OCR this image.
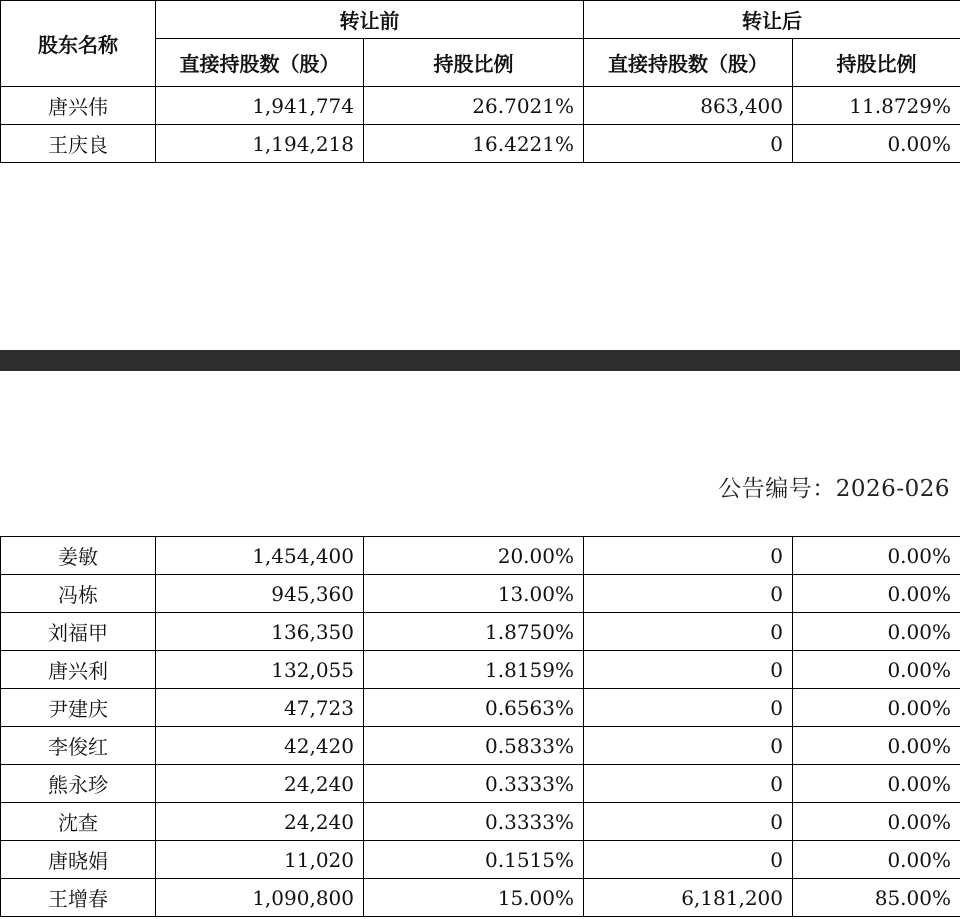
股东名称	转让前		转让后	
	直接持股数（股）	持股比例	直接持股数（股）	持股比例
唐兴伟	1,941,774	26.7021%	863,400	11.8729%
王庆良	1,194,218	16.4221%	0	0.00%
公告编号：2026-026
姜敏	1,454,400	20.00%	0	0.00%
冯栋	945,360	13.00%	0	0.00%
刘福甲	136,350	1.8750%	0	0.00%
唐兴利	132,055	1.8159%	0	0.00%
尹建庆	47,723	0.6563%	0	0.00%
李俊红	42,420	0.5833%	0	0.00%
熊永珍	24,240	0.3333%	0	0.00%
沈查	24,240	0.3333%	0	0.00%
唐晓娟	11,020	0.1515%	0	0.00%
王增春	1,090,800	15.00%	6,181,200	85.00%
